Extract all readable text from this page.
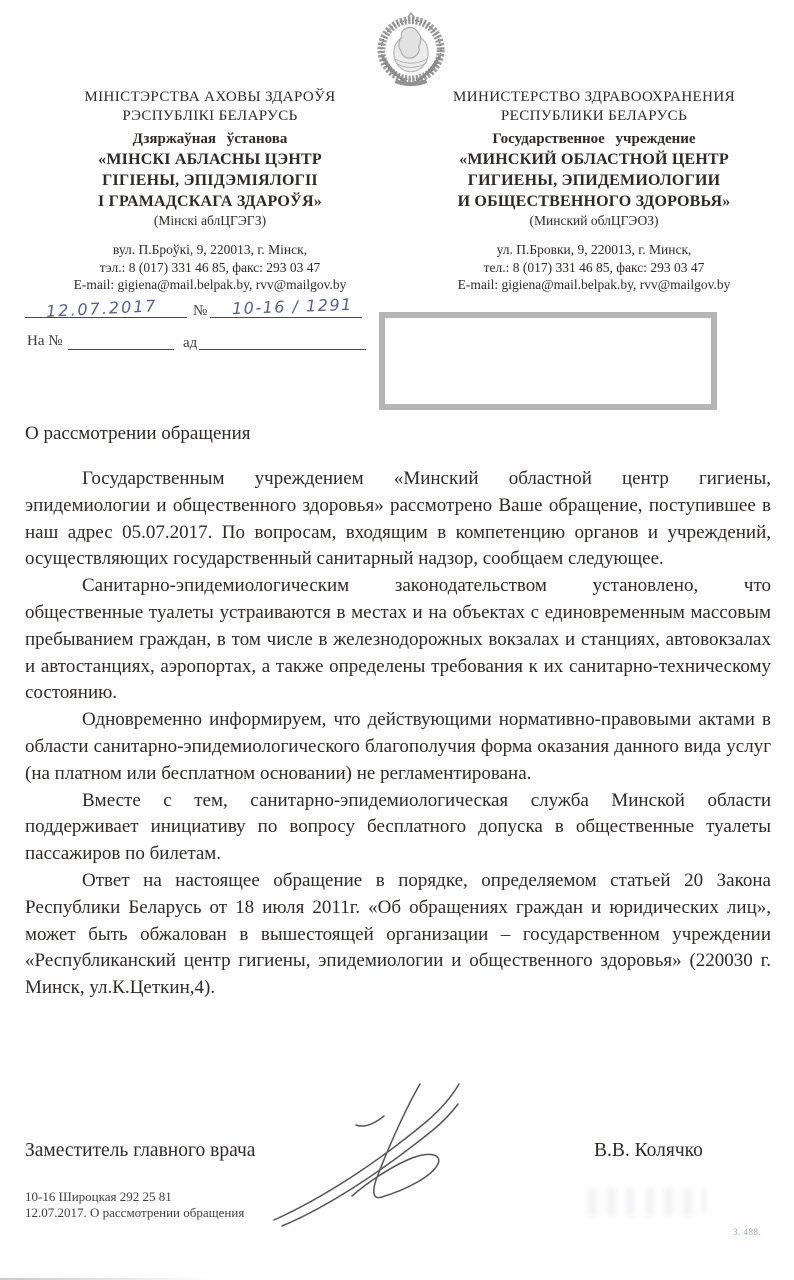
МІНІСТЭРСТВА АХОВЫ ЗДАРОЎЯ
РЭСПУБЛІКІ БЕЛАРУСЬ
Дзяржаўная ўстанова
«МІНСКІ АБЛАСНЫ ЦЭНТР
ГІГІЕНЫ, ЭПІДЭМІЯЛОГІІ
І ГРАМАДСКАГА ЗДАРОЎЯ»
(Мінскі аблЦГЭГЗ)
вул. П.Броўкі, 9, 220013, г. Мінск,
тэл.: 8 (017) 331 46 85, факс: 293 03 47
E-mail: gigiena@mail.belpak.by, rvv@mailgov.by
МИНИСТЕРСТВО ЗДРАВООХРАНЕНИЯ
РЕСПУБЛИКИ БЕЛАРУСЬ
Государственное учреждение
«МИНСКИЙ ОБЛАСТНОЙ ЦЕНТР
ГИГИЕНЫ, ЭПИДЕМИОЛОГИИ
И ОБЩЕСТВЕННОГО ЗДОРОВЬЯ»
(Минский облЦГЭОЗ)
ул. П.Бровки, 9, 220013, г. Минск,
тел.: 8 (017) 331 46 85, факс: 293 03 47
E-mail: gigiena@mail.belpak.by, rvv@mailgov.by
12.07.2017 № 10-16 / 1291
На №	ад
О рассмотрении обращения

Государственным учреждением «Минский областной центр гигиены, эпидемиологии и общественного здоровья» рассмотрено Ваше обращение, поступившее в наш адрес 05.07.2017. По вопросам, входящим в компетенцию органов и учреждений, осуществляющих государственный санитарный надзор, сообщаем следующее.

Санитарно-эпидемиологическим законодательством установлено, что общественные туалеты устраиваются в местах и на объектах с единовременным массовым пребыванием граждан, в том числе в железнодорожных вокзалах и станциях, автовокзалах и автостанциях, аэропортах, а также определены требования к их санитарно-техническому состоянию.

Одновременно информируем, что действующими нормативно-правовыми актами в области санитарно-эпидемиологического благополучия форма оказания данного вида услуг (на платном или бесплатном основании) не регламентирована.

Вместе с тем, санитарно-эпидемиологическая служба Минской области поддерживает инициативу по вопросу бесплатного допуска в общественные туалеты пассажиров по билетам.

Ответ на настоящее обращение в порядке, определяемом статьей 20 Закона Республики Беларусь от 18 июля 2011г. «Об обращениях граждан и юридических лиц», может быть обжалован в вышестоящей организации – государственном учреждении «Республиканский центр гигиены, эпидемиологии и общественного здоровья» (220030 г. Минск, ул.К.Цеткин,4).

Заместитель главного врача	В.В. Колячко
10-16 Широцкая 292 25 81
12.07.2017. О рассмотрении обращения
3. 488.
